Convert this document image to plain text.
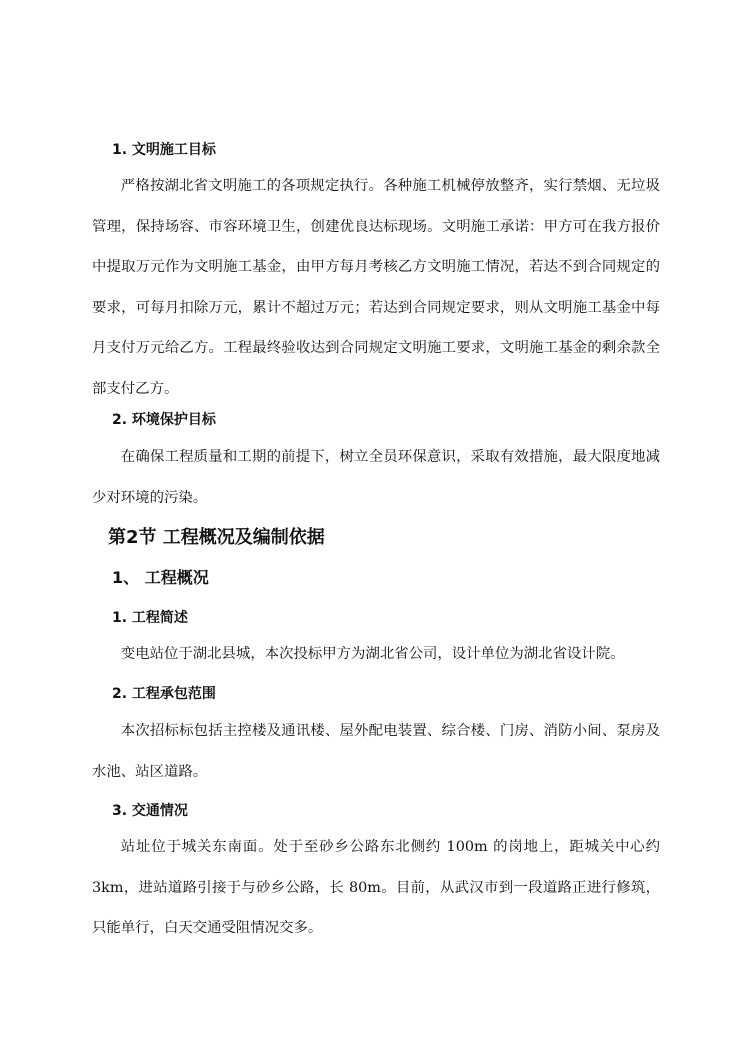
1. 文明施工目标

严格按湖北省文明施工的各项规定执行。各种施工机械停放整齐，实行禁烟、无垃圾管理，保持场容、市容环境卫生，创建优良达标现场。文明施工承诺：甲方可在我方报价中提取万元作为文明施工基金，由甲方每月考核乙方文明施工情况，若达不到合同规定的要求，可每月扣除万元，累计不超过万元；若达到合同规定要求，则从文明施工基金中每月支付万元给乙方。工程最终验收达到合同规定文明施工要求，文明施工基金的剩余款全部支付乙方。

2. 环境保护目标

在确保工程质量和工期的前提下，树立全员环保意识，采取有效措施，最大限度地减少对环境的污染。

第2节 工程概况及编制依据
1、 工程概况
1. 工程简述

变电站位于湖北县城，本次投标甲方为湖北省公司，设计单位为湖北省设计院。

2. 工程承包范围

本次招标标包括主控楼及通讯楼、屋外配电装置、综合楼、门房、消防小间、泵房及水池、站区道路。

3. 交通情况

站址位于城关东南面。处于至砂乡公路东北侧约 100m 的岗地上，距城关中心约 3km，进站道路引接于与砂乡公路，长 80m。目前，从武汉市到一段道路正进行修筑，只能单行，白天交通受阻情况交多。
